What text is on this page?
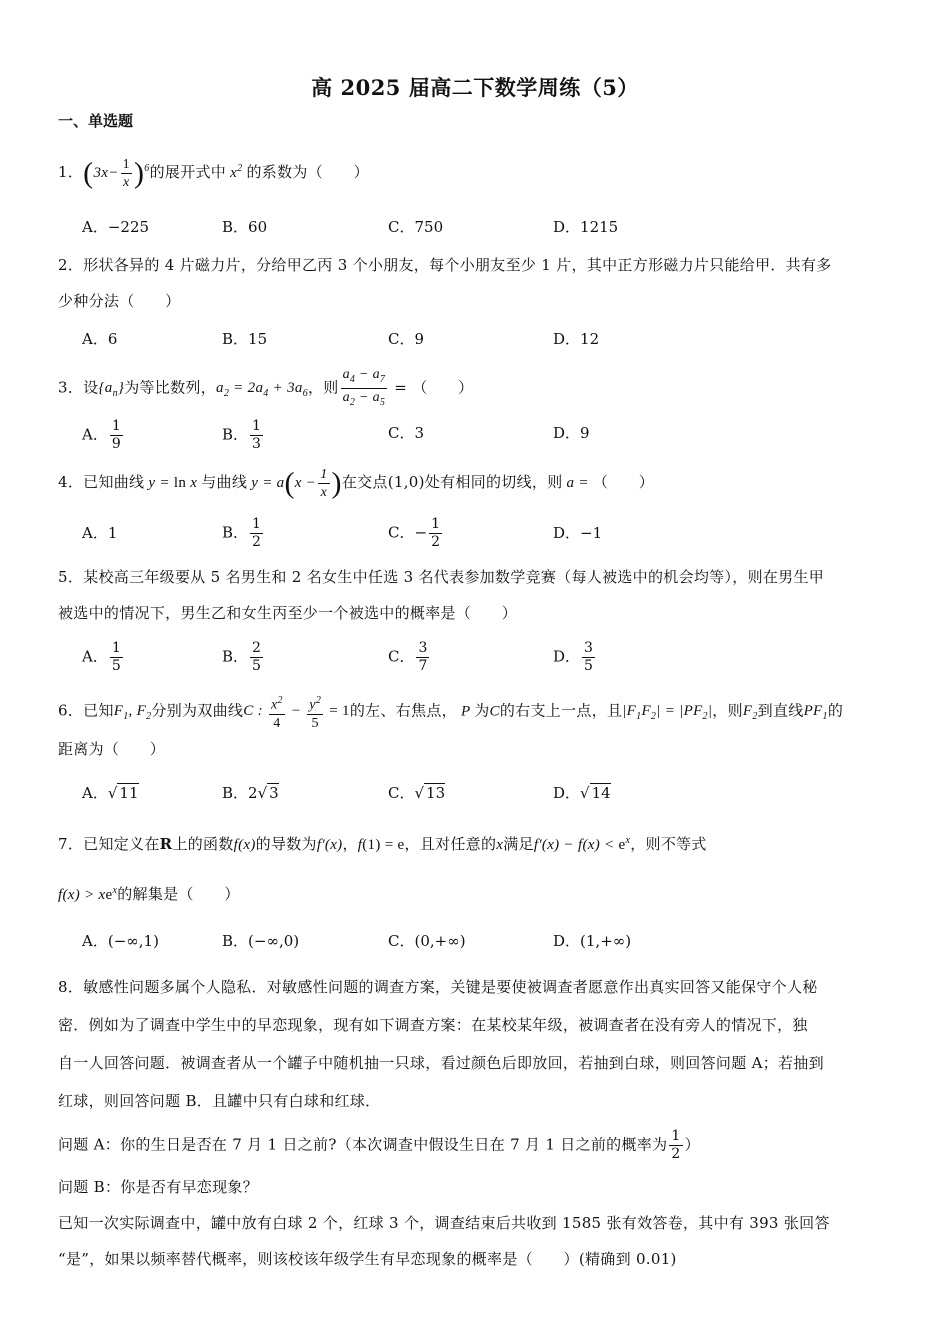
高 2025 届高二下数学周练（5）
一、单选题
1．$(3x- \frac{1}{x} )^6$的展开式中 $x^2$ 的系数为（　　）
A．−225	B．60	C．750	D．1215
2．形状各异的 4 片磁力片，分给甲乙丙 3 个小朋友，每个小朋友至少 1 片，其中正方形磁力片只能给甲．共有多
少种分法（　　）
A．6	B．15	C．9	D．12
3．设$\{a_n\}$为等比数列，$a_2 = 2a_4 + 3a_6$，则 $\frac{a_4 - a_7}{a_2 - a_5}$ = （　　）
A． $\frac{1}{9}$	B． $\frac{1}{3}$	C．3	D．9
4．已知曲线 y = ln x 与曲线 $y = a(x - \frac{1}{x}$ )在交点(1,0)处有相同的切线，则 a = （　　）
A．1	B． $\frac{1}{2}$	C．− $\frac{1}{2}$	D．−1
5．某校高三年级要从 5 名男生和 2 名女生中任选 3 名代表参加数学竞赛（每人被选中的机会均等），则在男生甲
被选中的情况下，男生乙和女生丙至少一个被选中的概率是（　　）
A． $\frac{1}{5}$	B． $\frac{2}{5}$	C． $\frac{3}{7}$	D． $\frac{3}{5}$
6．已知$F_1$, $F_2$分别为双曲线C : $\frac{x^2}{4} - \frac{y^2}{5} = 1$的左、右焦点， P 为C的右支上一点，且$|F_1F_2| = |PF_2|$，则$F_2$到直线$PF_1$的
距离为（　　）
A．√ 11	B．2√ 3	C．√ 13	D．√ 14
7．已知定义在R上的函数f(x)的导数为f′(x)，f(1) = e，且对任意的x满足$f'(x) - f(x) < e^x$，则不等式
$f(x) > xe^x$的解集是（　　）
A．(−∞,1)	B．(−∞,0)	C．(0,+∞)	D．(1,+∞)
8．敏感性问题多属个人隐私．对敏感性问题的调查方案，关键是要使被调查者愿意作出真实回答又能保守个人秘
密．例如为了调查中学生中的早恋现象，现有如下调查方案：在某校某年级，被调查者在没有旁人的情况下，独
自一人回答问题．被调查者从一个罐子中随机抽一只球，看过颜色后即放回，若抽到白球，则回答问题 A；若抽到
红球，则回答问题 B．且罐中只有白球和红球．
问题 A：你的生日是否在 7 月 1 日之前?（本次调查中假设生日在 7 月 1 日之前的概率为 $\frac{1}{2}$ ）
问题 B：你是否有早恋现象？
已知一次实际调查中，罐中放有白球 2 个，红球 3 个，调查结束后共收到 1585 张有效答卷，其中有 393 张回答
“是”，如果以频率替代概率，则该校该年级学生有早恋现象的概率是（　　）(精确到 0.01)
